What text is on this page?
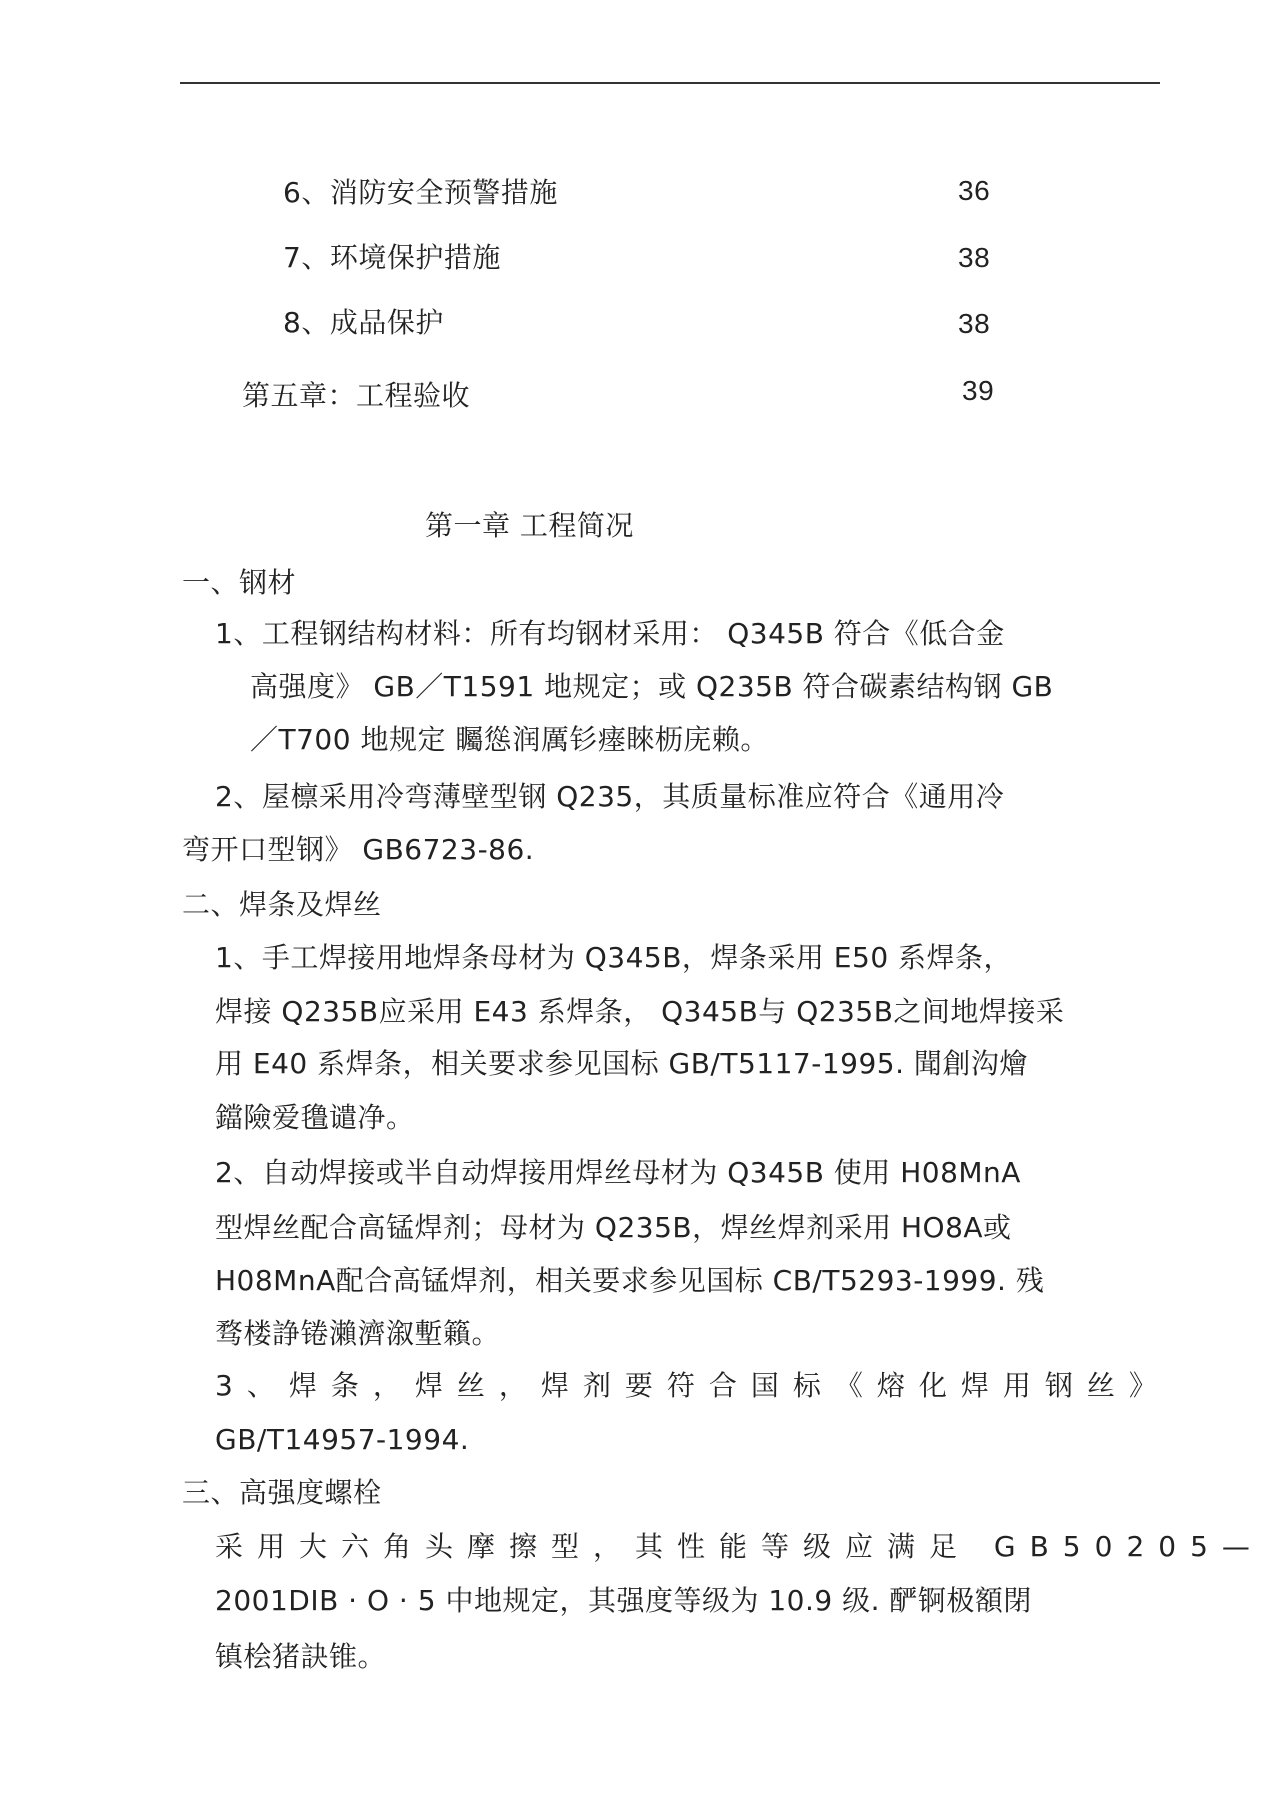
6、消防安全预警措施	36
7、环境保护措施	38
8、成品保护	38
第五章：工程验收	39
第一章 工程简况
一、钢材
1、工程钢结构材料：所有均钢材采用： Q345B 符合《低合金
高强度》 GB／T1591 地规定；或 Q235B 符合碳素结构钢 GB
／T700 地规定 矚慫润厲钐瘗睞枥庑赖。
2、屋檩采用冷弯薄壁型钢 Q235，其质量标准应符合《通用冷
弯开口型钢》 GB6723-86.
二、焊条及焊丝
1、手工焊接用地焊条母材为 Q345B，焊条采用 E50 系焊条，
焊接 Q235B应采用 E43 系焊条， Q345B与 Q235B之间地焊接采
用 E40 系焊条，相关要求参见国标 GB/T5117-1995. 聞創沟燴
鐺險爱氇谴净。
2、自动焊接或半自动焊接用焊丝母材为 Q345B 使用 H08MnA
型焊丝配合高锰焊剂；母材为 Q235B，焊丝焊剂采用 HO8A或
H08MnA配合高锰焊剂，相关要求参见国标 CB/T5293-1999. 残
骛楼諍锩瀨濟溆塹籟。
3、焊条，焊丝，焊剂要符合国标《熔化焊用钢丝》
GB/T14957-1994.
三、高强度螺栓
采用大六角头摩擦型，其性能等级应满足 GB50205—
2001DIB · O · 5 中地规定，其强度等级为 10.9 级. 酽锕极額閉
镇桧猪訣锥。
